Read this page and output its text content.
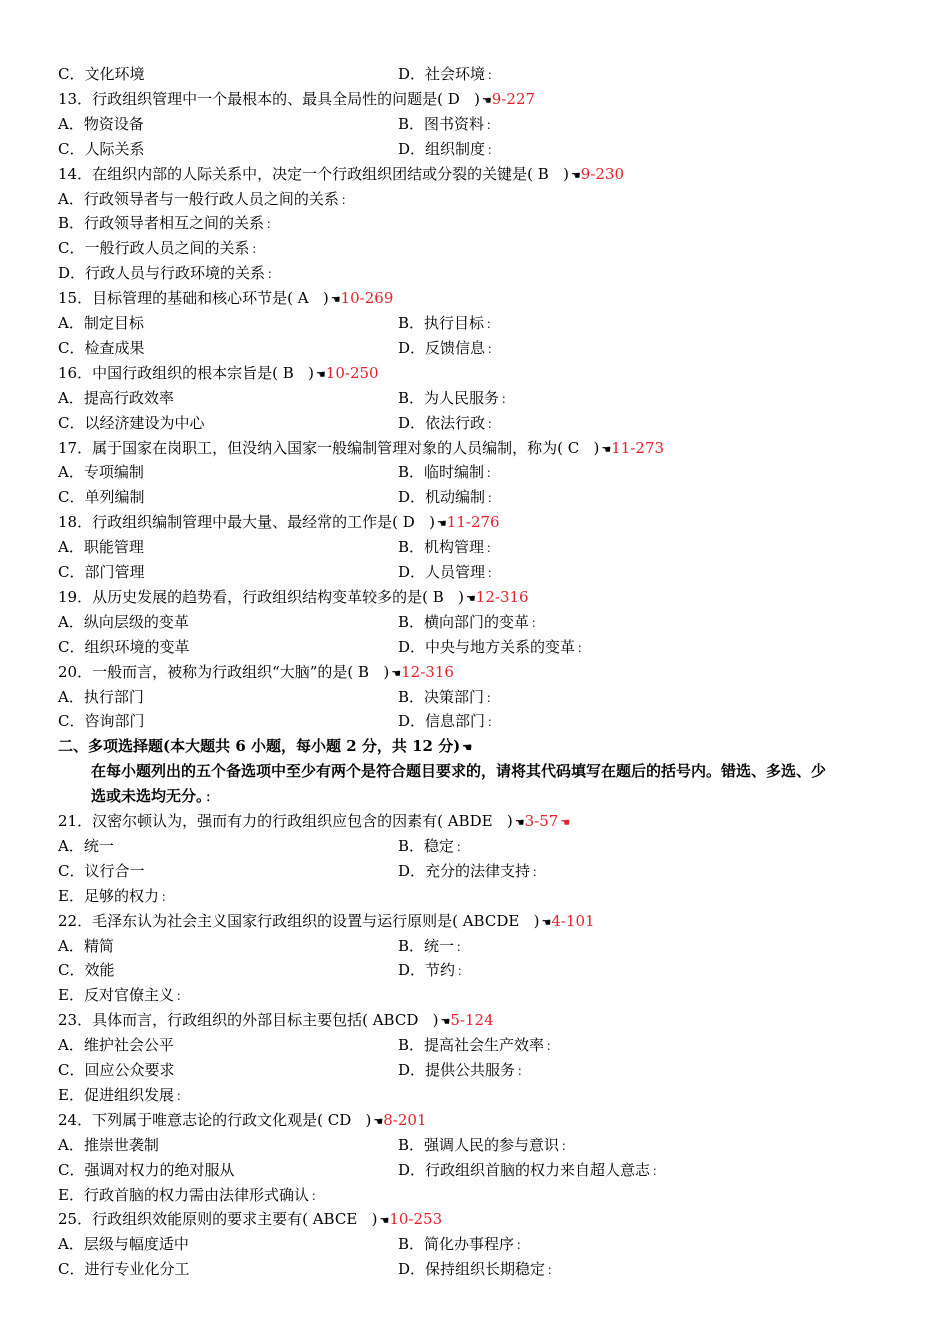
C．文化环境	D．社会环境 ：
13．行政组织管理中一个最根本的、最具全局性的问题是( D   ) ☚9-227
A．物资设备	B．图书资料 ：
C．人际关系	D．组织制度 ：
14．在组织内部的人际关系中，决定一个行政组织团结或分裂的关键是( B   ) ☚9-230
A．行政领导者与一般行政人员之间的关系 ：
B．行政领导者相互之间的关系 ：
C．一般行政人员之间的关系 ：
D．行政人员与行政环境的关系 ：
15．目标管理的基础和核心环节是( A   ) ☚10-269
A．制定目标	B．执行目标 ：
C．检查成果	D．反馈信息 ：
16．中国行政组织的根本宗旨是( B   ) ☚10-250
A．提高行政效率	B．为人民服务 ：
C．以经济建设为中心	D．依法行政 ：
17．属于国家在岗职工，但没纳入国家一般编制管理对象的人员编制，称为( C   ) ☚11-273
A．专项编制	B．临时编制 ：
C．单列编制	D．机动编制 ：
18．行政组织编制管理中最大量、最经常的工作是( D   ) ☚11-276
A．职能管理	B．机构管理 ：
C．部门管理	D．人员管理 ：
19．从历史发展的趋势看，行政组织结构变革较多的是( B   ) ☚12-316
A．纵向层级的变革	B．横向部门的变革 ：
C．组织环境的变革	D．中央与地方关系的变革 ：
20．一般而言，被称为行政组织“大脑”的是( B   ) ☚12-316
A．执行部门	B．决策部门 ：
C．咨询部门	D．信息部门 ：
二、多项选择题(本大题共 6 小题，每小题 2 分，共 12 分) ☚
在每小题列出的五个备选项中至少有两个是符合题目要求的，请将其代码填写在题后的括号内。错选、多选、少
选或未选均无分。 ：
21．汉密尔顿认为，强而有力的行政组织应包含的因素有( ABDE   ) ☚3-57 ☚
A．统一	B．稳定 ：
C．议行合一	D．充分的法律支持 ：
E．足够的权力 ：
22．毛泽东认为社会主义国家行政组织的设置与运行原则是( ABCDE   ) ☚4-101
A．精简	B．统一 ：
C．效能	D．节约 ：
E．反对官僚主义 ：
23．具体而言，行政组织的外部目标主要包括( ABCD   ) ☚5-124
A．维护社会公平	B．提高社会生产效率 ：
C．回应公众要求	D．提供公共服务 ：
E．促进组织发展 ：
24．下列属于唯意志论的行政文化观是( CD   ) ☚8-201
A．推崇世袭制	B．强调人民的参与意识 ：
C．强调对权力的绝对服从	D．行政组织首脑的权力来自超人意志 ：
E．行政首脑的权力需由法律形式确认 ：
25．行政组织效能原则的要求主要有( ABCE   ) ☚10-253
A．层级与幅度适中	B．简化办事程序 ：
C．进行专业化分工	D．保持组织长期稳定 ：
